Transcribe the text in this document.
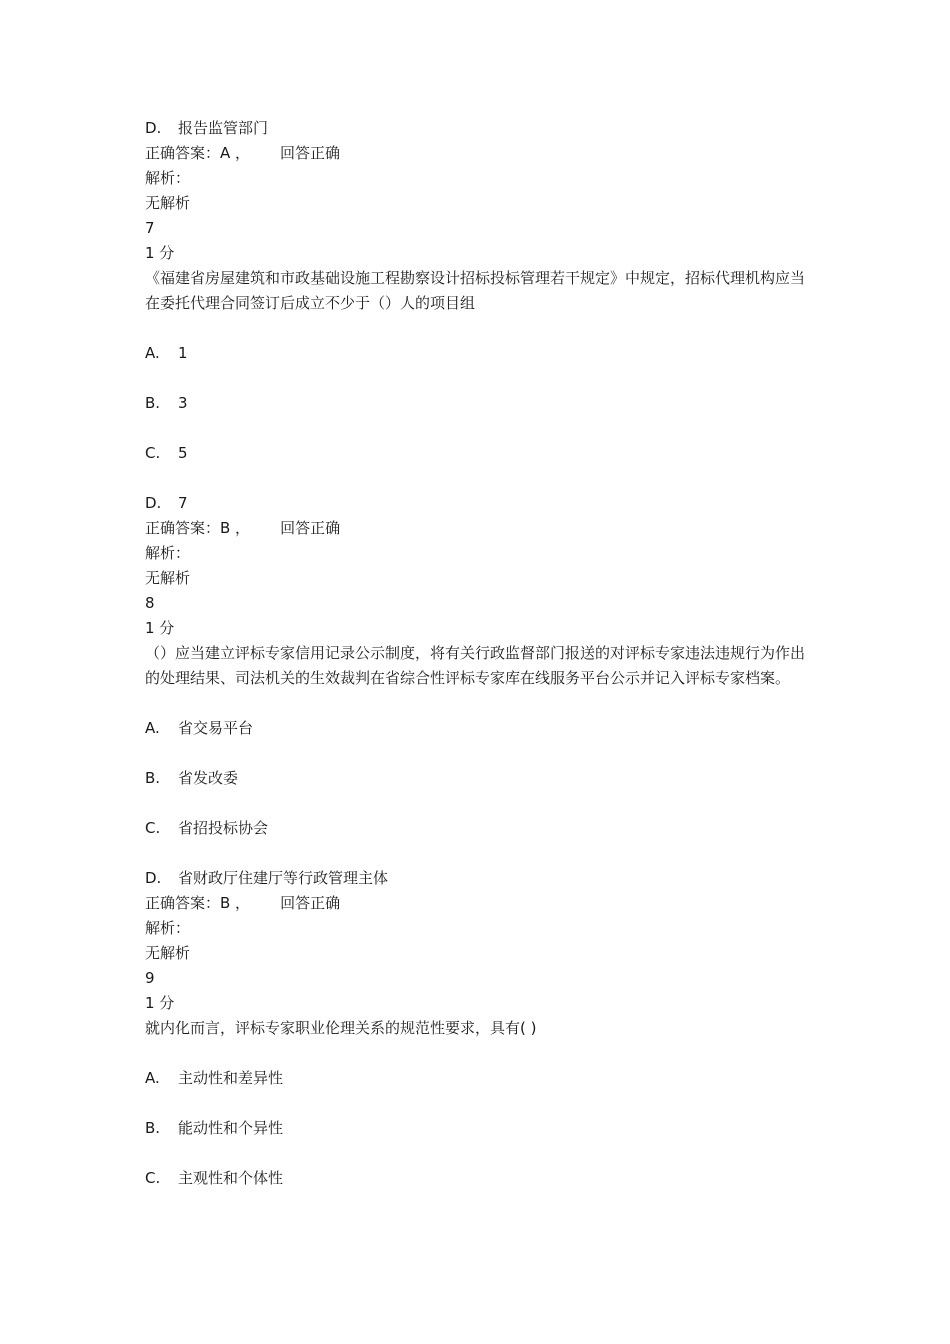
D.	报告监管部门
正确答案：A ， 回答正确
解析：
无解析
7
1 分
《福建省房屋建筑和市政基础设施工程勘察设计招标投标管理若干规定》中规定，招标代理机构应当在委托代理合同签订后成立不少于（）人的项目组
A.	1
B.	3
C.	5
D.	7
正确答案：B ， 回答正确
解析：
无解析
8
1 分
（）应当建立评标专家信用记录公示制度，将有关行政监督部门报送的对评标专家违法违规行为作出的处理结果、司法机关的生效裁判在省综合性评标专家库在线服务平台公示并记入评标专家档案。
A.	省交易平台
B.	省发改委
C.	省招投标协会
D.	省财政厅住建厅等行政管理主体
正确答案：B ， 回答正确
解析：
无解析
9
1 分
就内化而言，评标专家职业伦理关系的规范性要求，具有( )
A.	主动性和差异性
B.	能动性和个异性
C.	主观性和个体性
